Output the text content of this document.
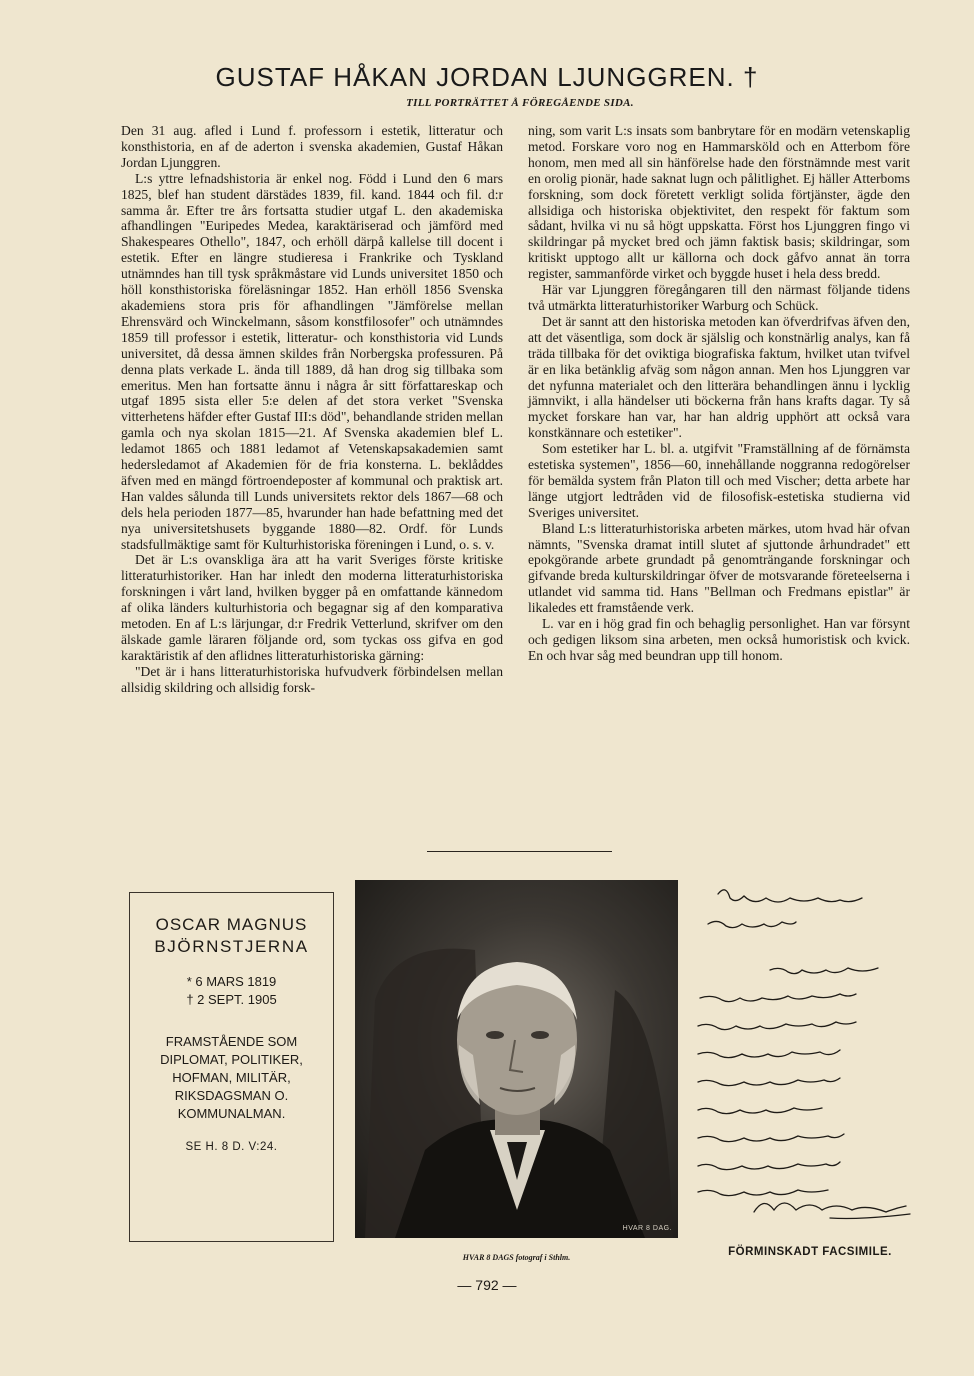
GUSTAF HÅKAN JORDAN LJUNGGREN. †
TILL PORTRÄTTET Å FÖREGÅENDE SIDA.

Den 31 aug. afled i Lund f. professorn i estetik, litteratur och konsthistoria, en af de aderton i svenska akademien, Gustaf Håkan Jordan Ljunggren.

L:s yttre lefnadshistoria är enkel nog. Född i Lund den 6 mars 1825, blef han student därstädes 1839, fil. kand. 1844 och fil. d:r samma år. Efter tre års fortsatta studier utgaf L. den akademiska afhandlingen "Euripedes Medea, karaktäriserad och jämförd med Shakespeares Othello", 1847, och erhöll därpå kallelse till docent i estetik. Efter en längre studieresa i Frankrike och Tyskland utnämndes han till tysk språkmåstare vid Lunds universitet 1850 och höll konsthistoriska föreläsningar 1852. Han erhöll 1856 Svenska akademiens stora pris för afhandlingen "Jämförelse mellan Ehrensvärd och Winckelmann, såsom konstfilosofer" och utnämndes 1859 till professor i estetik, litteratur- och konsthistoria vid Lunds universitet, då dessa ämnen skildes från Norbergska professuren. På denna plats verkade L. ända till 1889, då han drog sig tillbaka som emeritus. Men han fortsatte ännu i några år sitt författareskap och utgaf 1895 sista eller 5:e delen af det stora verket "Svenska vitterhetens häfder efter Gustaf III:s död", behandlande striden mellan gamla och nya skolan 1815—21. Af Svenska akademien blef L. ledamot 1865 och 1881 ledamot af Vetenskapsakademien samt hedersledamot af Akademien för de fria konsterna. L. beklåddes äfven med en mängd förtroendeposter af kommunal och praktisk art. Han valdes sålunda till Lunds universitets rektor dels 1867—68 och dels hela perioden 1877—85, hvarunder han hade befattning med det nya universitetshusets byggande 1880—82. Ordf. för Lunds stadsfullmäktige samt för Kulturhistoriska föreningen i Lund, o. s. v.

Det är L:s ovanskliga ära att ha varit Sveriges förste kritiske litteraturhistoriker. Han har inledt den moderna litteraturhistoriska forskningen i vårt land, hvilken bygger på en omfattande kännedom af olika länders kulturhistoria och begagnar sig af den komparativa metoden. En af L:s lärjungar, d:r Fredrik Vetterlund, skrifver om den älskade gamle läraren följande ord, som tyckas oss gifva en god karaktäristik af den aflidnes litteraturhistoriska gärning:

"Det är i hans litteraturhistoriska hufvudverk förbindelsen mellan allsidig skildring och allsidig forsk-

ning, som varit L:s insats som banbrytare för en modärn vetenskaplig metod. Forskare voro nog en Hammarsköld och en Atterbom före honom, men med all sin hänförelse hade den förstnämnde mest varit en orolig pionär, hade saknat lugn och pålitlighet. Ej häller Atterboms forskning, som dock företett verkligt solida förtjänster, ägde den allsidiga och historiska objektivitet, den respekt för faktum som sådant, hvilka vi nu så högt uppskatta. Först hos Ljunggren fingo vi skildringar på mycket bred och jämn faktisk basis; skildringar, som kritiskt upptogo allt ur källorna och dock gåfvo annat än torra register, sammanförde virket och byggde huset i hela dess bredd.

Här var Ljunggren föregångaren till den närmast följande tidens två utmärkta litteraturhistoriker Warburg och Schück.

Det är sannt att den historiska metoden kan öfverdrifvas äfven den, att det väsentliga, som dock är själslig och konstnärlig analys, kan få träda tillbaka för det oviktiga biografiska faktum, hvilket utan tvifvel är en lika betänklig afväg som någon annan. Men hos Ljunggren var det nyfunna materialet och den litterära behandlingen ännu i lycklig jämnvikt, i alla händelser uti böckerna från hans krafts dagar. Ty så mycket forskare han var, har han aldrig upphört att också vara konstkännare och estetiker".

Som estetiker har L. bl. a. utgifvit "Framställning af de förnämsta estetiska systemen", 1856—60, innehållande noggranna redogörelser för bemälda system från Platon till och med Vischer; detta arbete har länge utgjort ledtråden vid de filosofisk-estetiska studierna vid Sveriges universitet.

Bland L:s litteraturhistoriska arbeten märkes, utom hvad här ofvan nämnts, "Svenska dramat intill slutet af sjuttonde århundradet" ett epokgörande arbete grundadt på genomträngande forskningar och gifvande breda kulturskildringar öfver de motsvarande företeelserna i utlandet vid samma tid. Hans "Bellman och Fredmans epistlar" är likaledes ett framstående verk.

L. var en i hög grad fin och behaglig personlighet. Han var försynt och gedigen liksom sina arbeten, men också humoristisk och kvick. En och hvar såg med beundran upp till honom.

OSCAR MAGNUS
BJÖRNSTJERNA
* 6 MARS 1819
† 2 SEPT. 1905
FRAMSTÅENDE SOM DIPLOMAT, POLITIKER, HOFMAN, MILITÄR, RIKSDAGSMAN O. KOMMUNALMAN.
SE H. 8 D. V:24.
HVAR 8 DAG.
HVAR 8 DAGS fotograf i Sthlm.	FÖRMINSKADT FACSIMILE.
— 792 —
